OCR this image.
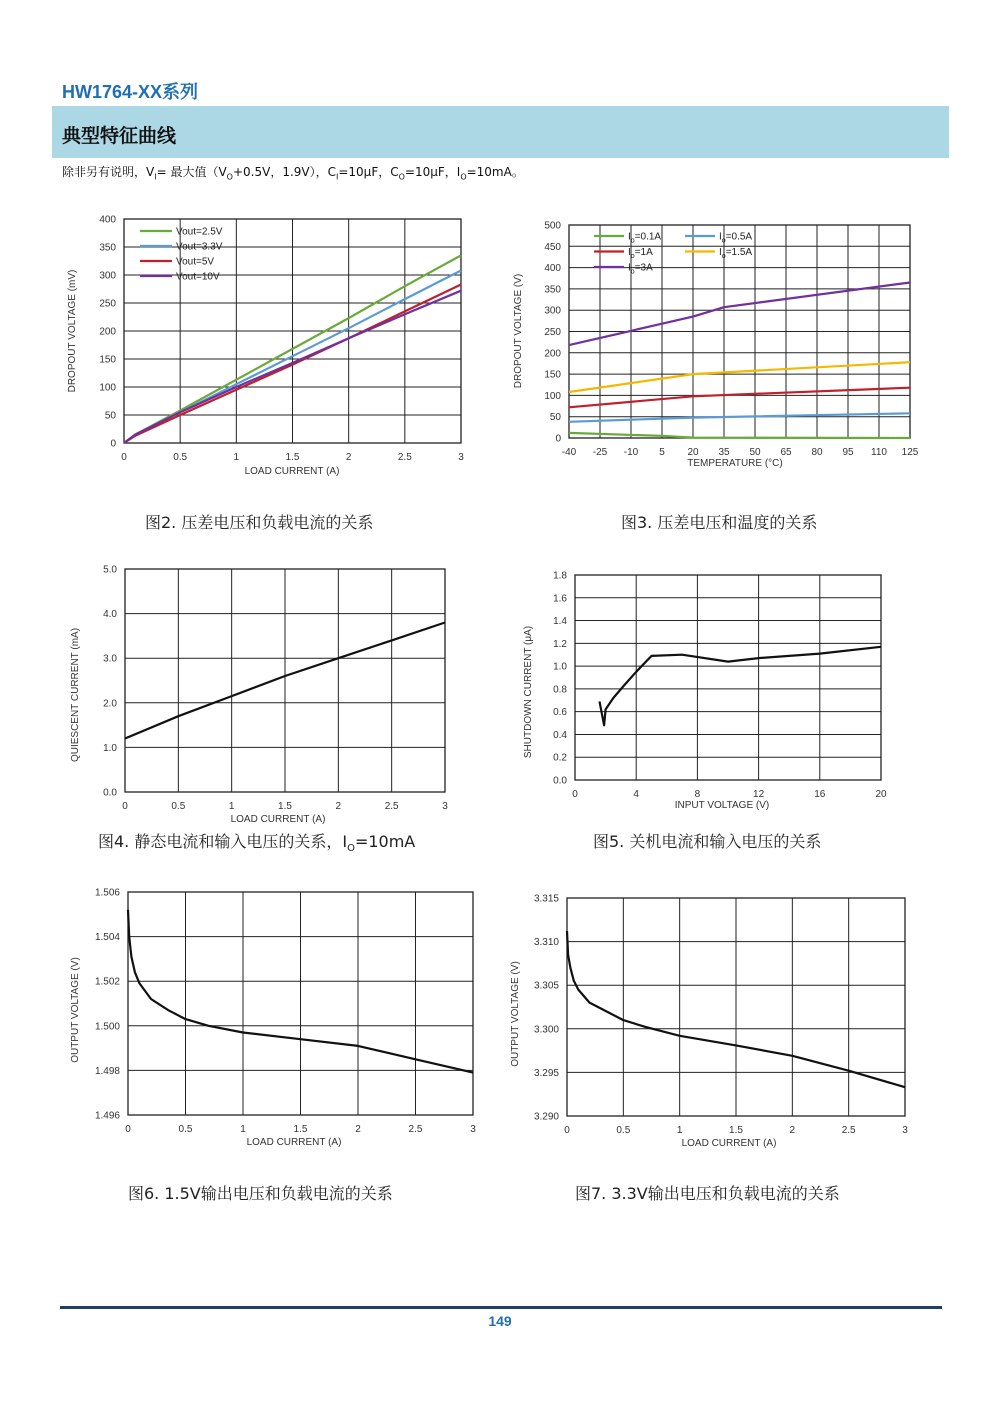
HW1764-XX系列
典型特征曲线
除非另有说明，$V_I=$ 最大值（$V_O+0.5V$，1.9V），$C_I=10\mu F$，$C_O=10\mu F$，$I_O=10mA$。
0	0.5	1	1.5	2	2.5	3
0
50
100
150
200
250
300
350
400
LOAD CURRENT (A)
DROPOUT VOLTAGE (mV)
Vout=2.5V
Vout=3.3V
Vout=5V
Vout=10V
-40 -25 -10 5 20 35 50 65 80 95 110 125
0
50
100
150
200
250
300
350
400
450
500
TEMPERATURE (°C)
DROPOUT VOLTAGE (V)
$I_o=0.1A$	$I_o=0.5A$
$I_o=1A$	$I_o=1.5A$
$I_o=3A$
0	0.5	1	1.5	2	2.5	3
0.0
1.0
2.0
3.0
4.0
5.0
LOAD CURRENT (A)
QUIESCENT CURRENT (mA)
0	4	8	12	16	20
0.0
0.2
0.4
0.6
0.8
1.0
1.2
1.4
1.6
1.8
INPUT VOLTAGE (V)
SHUTDOWN CURRENT (μA)
0	0.5	1	1.5	2	2.5	3
1.496
1.498
1.500
1.502
1.504
1.506
LOAD CURRENT (A)
OUTPUT VOLTAGE (V)
0	0.5	1	1.5	2	2.5	3
3.290
3.295
3.300
3.305
3.310
3.315
LOAD CURRENT (A)
OUTPUT VOLTAGE (V)
图2. 压差电压和负载电流的关系	图3. 压差电压和温度的关系
图4. 静态电流和输入电压的关系，$I_O=10mA$	图5. 关机电流和输入电压的关系
图6. 1.5V输出电压和负载电流的关系	图7. 3.3V输出电压和负载电流的关系
149
